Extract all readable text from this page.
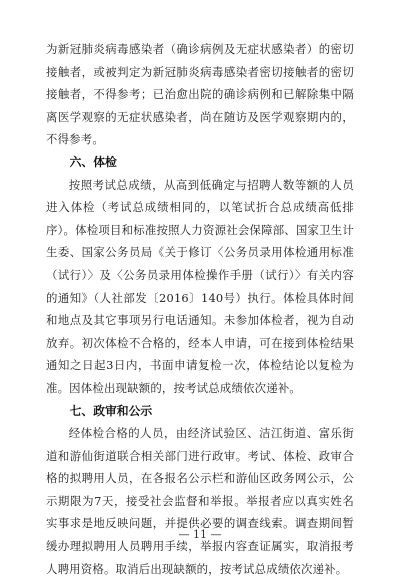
为新冠肺炎病毒感染者（确诊病例及无症状感染者）的密切接触者，或被判定为新冠肺炎病毒感染者密切接触者的密切接触者，不得参考；已治愈出院的确诊病例和已解除集中隔离医学观察的无症状感染者，尚在随访及医学观察期内的，不得参考。

六、体检

按照考试总成绩，从高到低确定与招聘人数等额的人员进入体检（考试总成绩相同的，以笔试折合总成绩高低排序）。体检项目和标准按照人力资源社会保障部、国家卫生计生委、国家公务员局《关于修订〈公务员录用体检通用标准（试行）〉及〈公务员录用体检操作手册（试行）〉有关内容的通知》（人社部发〔2016〕140号）执行。体检具体时间和地点及其它事项另行电话通知。未参加体检者，视为自动放弃。初次体检不合格的，经本人申请，可在接到体检结果通知之日起3日内，书面申请复检一次，体检结论以复检为准。因体检出现缺额的，按考试总成绩依次递补。

七、政审和公示

经体检合格的人员，由经济试验区、洁江街道、富乐街道和游仙街道联合相关部门进行政审。考试、体检、政审合格的拟聘用人员，在各报名公示栏和游仙区政务网公示，公示期限为7天，接受社会监督和举报。举报者应以真实姓名实事求是地反映问题，并提供必要的调查线索。调查期间暂缓办理拟聘用人员聘用手续，举报内容查证属实，取消报考人聘用资格。取消后出现缺额的，按考试总成绩依次递补。

— 11 —
